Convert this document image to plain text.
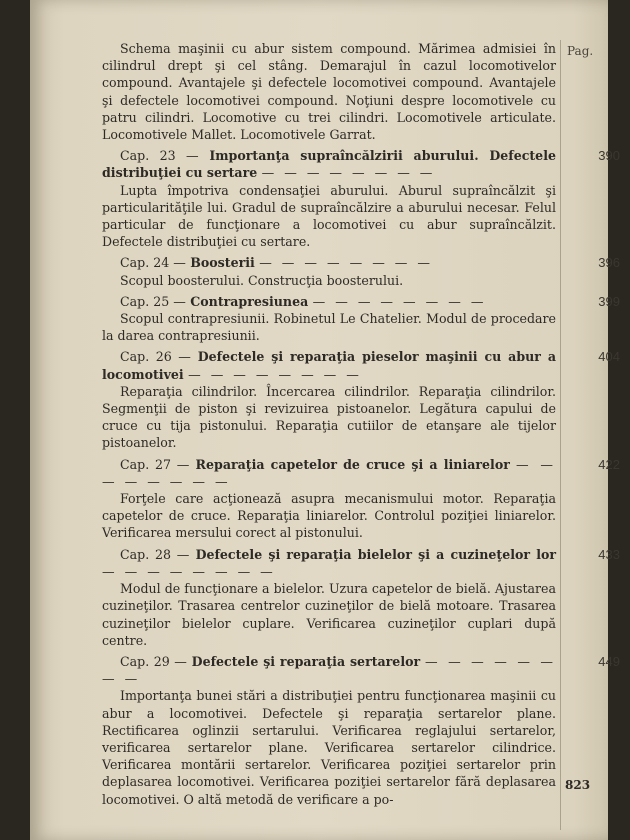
Pag.

Schema maşinii cu abur sistem compound. Mărimea admisiei în cilindrul drept şi cel stâng. Demarajul în cazul locomotivelor compound. Avantajele şi defectele locomotivei compound. Avantajele şi defectele locomotivei compound. Noţiuni despre locomotivele cu patru cilindri. Locomotive cu trei cilindri. Locomotivele articulate. Locomotivele Mallet. Locomotivele Garrat.

Cap. 23 — Importanţa supraîncălzirii aburului. Defectele distribuţiei cu sertare — — — — — — — —
390

Lupta împotriva condensaţiei aburului. Aburul supraîncălzit şi particularităţile lui. Gradul de supraîncălzire a aburului necesar. Felul particular de funcţionare a locomotivei cu abur supraîncălzit. Defectele distribuţiei cu sertare.

Cap. 24 — Boosterii — — — — — — — —	396

Scopul boosterului. Construcţia boosterului.

Cap. 25 — Contrapresiunea — — — — — — — —	399

Scopul contrapresiunii. Robinetul Le Chatelier. Modul de procedare la darea contrapresiunii.

Cap. 26 — Defectele şi reparaţia pieselor maşinii cu abur a locomotivei — — — — — — — —
404

Reparaţia cilindrilor. Încercarea cilindrilor. Reparaţia cilindrilor. Segmenţii de piston şi revizuirea pistoanelor. Legătura capului de cruce cu tija pistonului. Reparaţia cutiilor de etanşare ale tijelor pistoanelor.

Cap. 27 — Reparaţia capetelor de cruce şi a liniarelor — — — — — — — —
422

Forţele care acţionează asupra mecanismului motor. Reparaţia capetelor de cruce. Reparaţia liniarelor. Controlul poziţiei liniarelor. Verificarea mersului corect al pistonului.

Cap. 28 — Defectele şi reparaţia bielelor şi a cuzineţelor lor — — — — — — — —
433

Modul de funcţionare a bielelor. Uzura capetelor de bielă. Ajustarea cuzineţilor. Trasarea centrelor cuzineţilor de bielă motoare. Trasarea cuzineţilor bielelor cuplare. Verificarea cuzineţilor cuplari după centre.

Cap. 29 — Defectele şi reparaţia sertarelor — — — — — — — —
449

Importanţa bunei stări a distribuţiei pentru funcţionarea maşinii cu abur a locomotivei. Defectele şi reparaţia sertarelor plane. Rectificarea oglinzii sertarului. Verificarea reglajului sertarelor, verificarea sertarelor plane. Verificarea sertarelor cilindrice. Verificarea montării sertarelor. Verificarea poziţiei sertarelor prin deplasarea locomotivei. Verificarea poziţiei sertarelor fără deplasarea locomotivei. O altă metodă de verificare a po-

823
